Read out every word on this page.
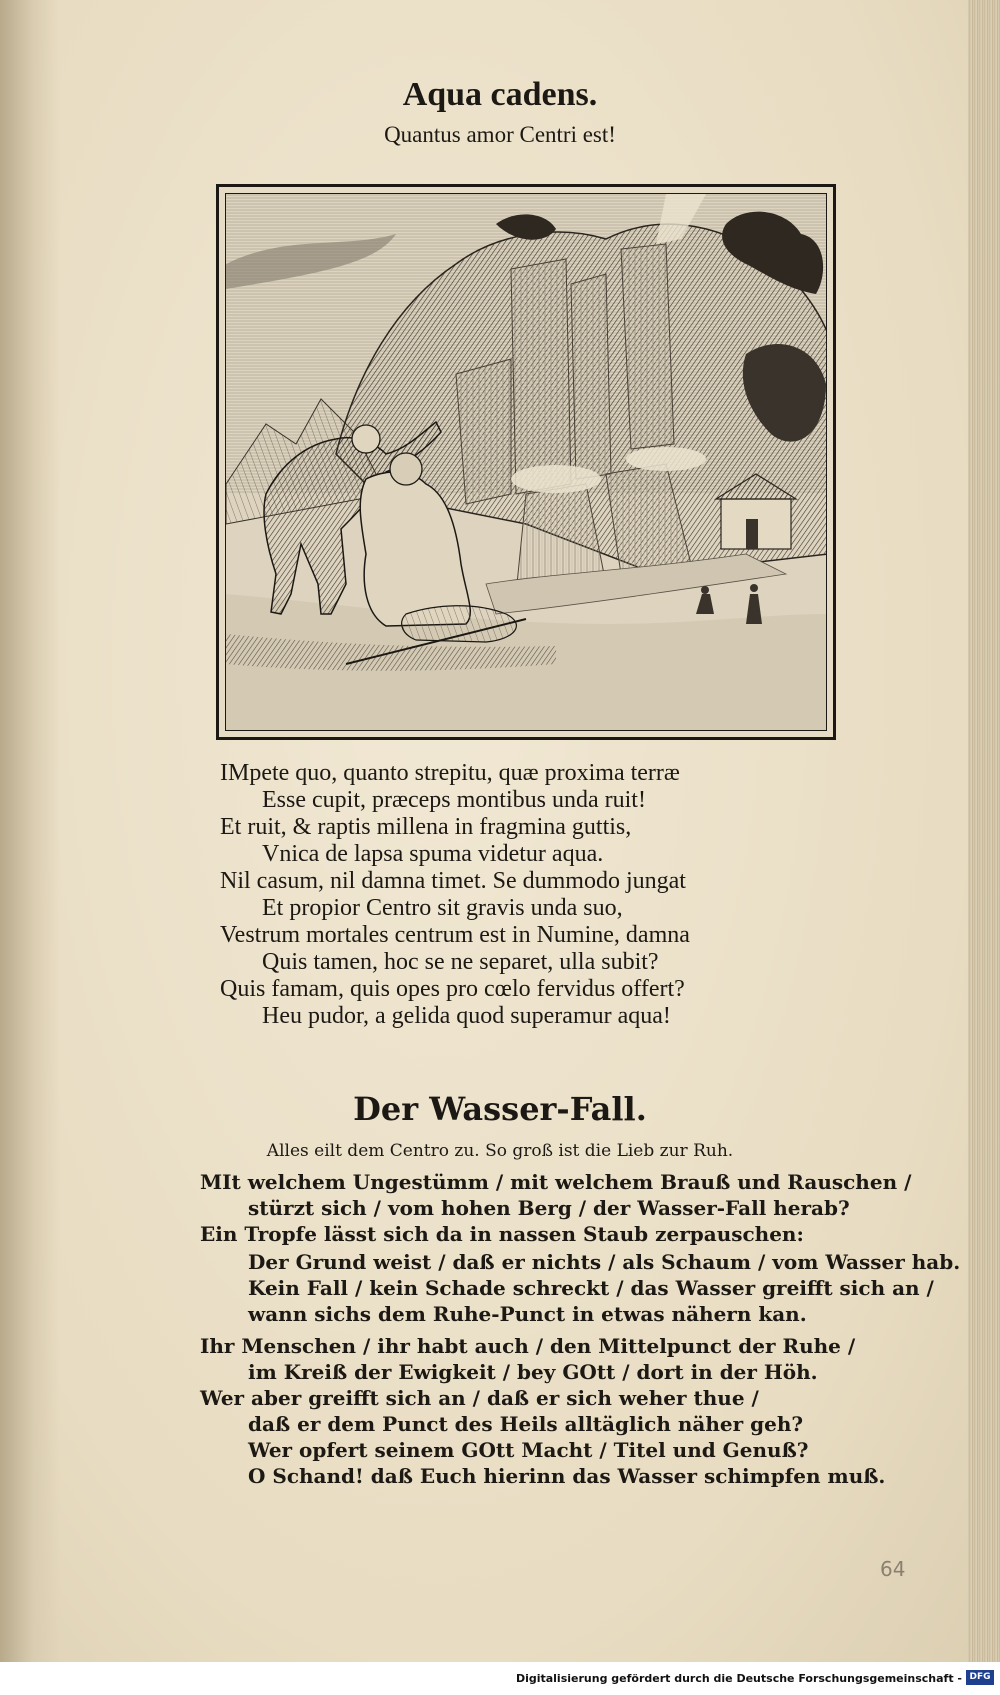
Aqua cadens.
Quantus amor Centri est!
IMpete quo, quanto strepitu, quæ proxima terræ
Esse cupit, præceps montibus unda ruit!
Et ruit, & raptis millena in fragmina guttis,
Vnica de lapsa spuma videtur aqua.
Nil casum, nil damna timet. Se dummodo jungat
Et propior Centro sit gravis unda suo,
Vestrum mortales centrum est in Numine, damna
Quis tamen, hoc se ne separet, ulla subit?
Quis famam, quis opes pro cœlo fervidus offert?
Heu pudor, a gelida quod superamur aqua!
Der Wasser-Fall.
Alles eilt dem Centro zu. So groß ist die Lieb zur Ruh.
MIt welchem Ungestümm / mit welchem Brauß und Rauschen /
stürzt sich / vom hohen Berg / der Wasser-Fall herab?
Ein Tropfe lässt sich da in nassen Staub zerpauschen:
Der Grund weist / daß er nichts / als Schaum / vom Wasser hab.
Kein Fall / kein Schade schreckt / das Wasser greifft sich an /
wann sichs dem Ruhe-Punct in etwas nähern kan.
Ihr Menschen / ihr habt auch / den Mittelpunct der Ruhe /
im Kreiß der Ewigkeit / bey GOtt / dort in der Höh.
Wer aber greifft sich an / daß er sich weher thue /
daß er dem Punct des Heils alltäglich näher geh?
Wer opfert seinem GOtt Macht / Titel und Genuß?
O Schand! daß Euch hierinn das Wasser schimpfen muß.
64
Digitalisierung gefördert durch die Deutsche Forschungsgemeinschaft - DFG
